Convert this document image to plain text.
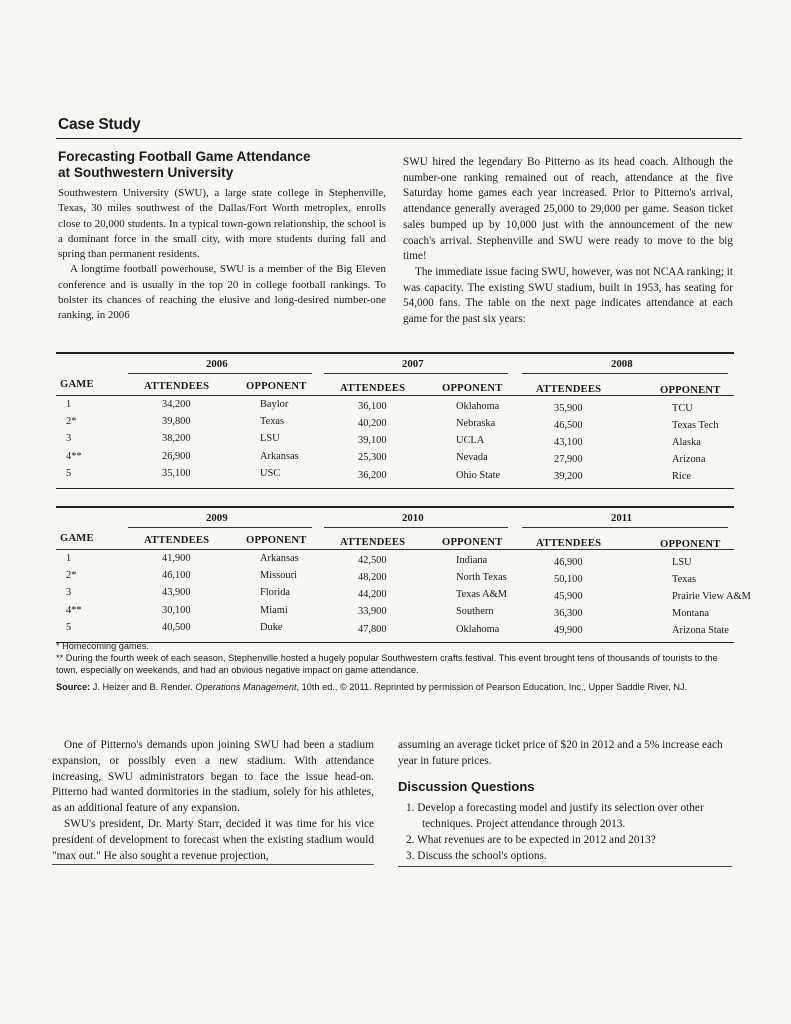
Case Study
Forecasting Football Game Attendance
at Southwestern University

Southwestern University (SWU), a large state college in Stephenville, Texas, 30 miles southwest of the Dallas/Fort Worth metroplex, enrolls close to 20,000 students. In a typical town-gown relationship, the school is a dominant force in the small city, with more students during fall and spring than permanent residents.

A longtime football powerhouse, SWU is a member of the Big Eleven conference and is usually in the top 20 in college football rankings. To bolster its chances of reaching the elusive and long-desired number-one ranking, in 2006

SWU hired the legendary Bo Pitterno as its head coach. Although the number-one ranking remained out of reach, attendance at the five Saturday home games each year increased. Prior to Pitterno's arrival, attendance generally averaged 25,000 to 29,000 per game. Season ticket sales bumped up by 10,000 just with the announcement of the new coach's arrival. Stephenville and SWU were ready to move to the big time!

The immediate issue facing SWU, however, was not NCAA ranking; it was capacity. The existing SWU stadium, built in 1953, has seating for 54,000 fans. The table on the next page indicates attendance at each game for the past six years:

2006	2007	2008
GAME	ATTENDEES	OPPONENT	ATTENDEES	OPPONENT	ATTENDEES	OPPONENT
1	34,200	Baylor	36,100	Oklahoma	35,900	TCU
2*	39,800	Texas	40,200	Nebraska	46,500	Texas Tech
3	38,200	LSU	39,100	UCLA	43,100	Alaska
4**	26,900	Arkansas	25,300	Nevada	27,900	Arizona
5	35,100	USC	36,200	Ohio State	39,200	Rice
2009	2010	2011
GAME	ATTENDEES	OPPONENT	ATTENDEES	OPPONENT	ATTENDEES	OPPONENT
1	41,900	Arkansas	42,500	Indiana	46,900	LSU
2*	46,100	Missouri	48,200	North Texas	50,100	Texas
3	43,900	Florida	44,200	Texas A&M	45,900	Prairie View A&M
4**	30,100	Miami	33,900	Southern	36,300	Montana
5	40,500	Duke	47,800	Oklahoma	49,900	Arizona State

* Homecoming games.

** During the fourth week of each season, Stephenville hosted a hugely popular Southwestern crafts festival. This event brought tens of thousands of tourists to the town, especially on weekends, and had an obvious negative impact on game attendance.

Source: J. Heizer and B. Render. Operations Management, 10th ed., © 2011. Reprinted by permission of Pearson Education, Inc., Upper Saddle River, NJ.

One of Pitterno's demands upon joining SWU had been a stadium expansion, or possibly even a new stadium. With attendance increasing, SWU administrators began to face the issue head-on. Pitterno had wanted dormitories in the stadium, solely for his athletes, as an additional feature of any expansion.

SWU's president, Dr. Marty Starr, decided it was time for his vice president of development to forecast when the existing stadium would "max out." He also sought a revenue projection,

assuming an average ticket price of $20 in 2012 and a 5% increase each year in future prices.

Discussion Questions

1. Develop a forecasting model and justify its selection over other techniques. Project attendance through 2013.

2. What revenues are to be expected in 2012 and 2013?

3. Discuss the school's options.
